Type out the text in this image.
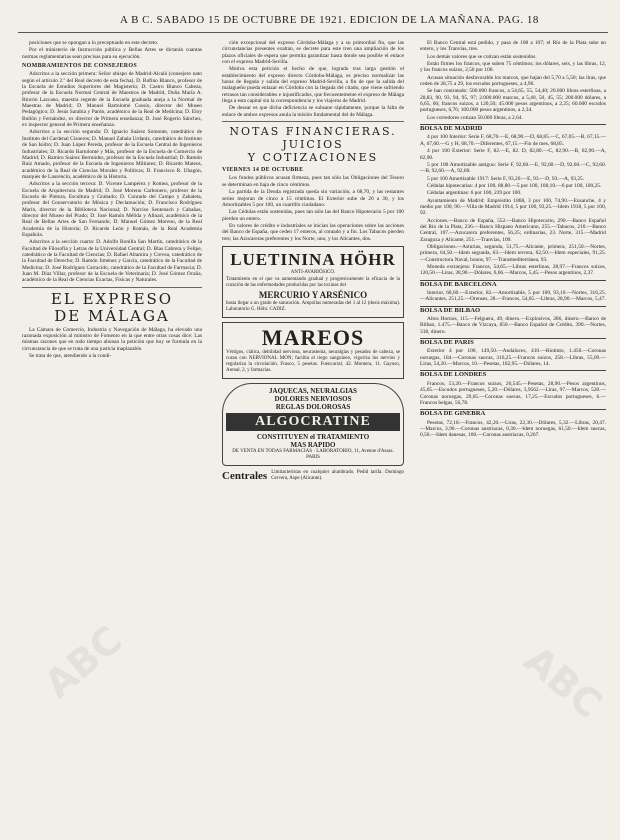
A B C. SABADO 15 DE OCTUBRE DE 1921. EDICION DE LA MAÑANA. PAG. 18

posiciones que se opongan a lo preceptuado en este decreto.

Por el ministerio de Instrucción pública y Bellas Artes se dictarán cuantas normas reglamentarias sean precisas para su ejecución.

NOMBRAMIENTOS DE CONSEJEROS

Adscritos a la sección primera: Señor obispo de Madrid-Alcalá (consejero nato según el artículo 2.º del Real decreto de esta fecha), D. Rufino Blanco, profesor de la Escuela de Estudios Superiores del Magisterio; D. Castro Blanco Cabeza, profesor de la Escuela Normal Central de Maestros de Madrid, Doña María A. Rincón Lazcano, maestra regente de la Escuela graduada aneja a la Normal de Maestras de Madrid; D. Manuel Bartolomé Cossío, director del Museo Pedagógico; D. Jesús Sarabia y Pardo, académico de la Real de Medicina; D. Eloy Bullón y Fernández, ex director de Primera enseñanza; D. José Rogerio Sánchez, ex inspector general de Primera enseñanza.

Adscritos a la sección segunda: D. Ignacio Suárez Somonte, catedrático de Instituto del Cardenal Cisneros; D. Manuel Zabala Urdaniz, catedrático de Instituto de San Isidro; D. Juan López Pereda, profesor de la Escuela Central de Ingenieros Industriales; D. Ricardo Bartolomé y Más, profesor de la Escuela de Comercio de Madrid; D. Ramiro Suárez Bermúdez, profesor de la Escuela Industrial; D. Ramón Ruiz Amado, profesor de la Escuela de Ingenieros Militares; D. Ricardo Mateos, académico de la Real de Ciencias Morales y Políticas; D. Francisco R. Ubagón, marqués de Laurencín, académico de la Historia.

Adscritos a la sección tercera: D. Vicente Lampérez y Romea, profesor de la Escuela de Arquitectura de Madrid; D. José Moreno Carbonero, profesor de la Escuela de Pintura, Escultura y Grabado; D. Conrado del Campo y Zabaleta, profesor del Conservatorio de Música y Declamación; D. Francisco Rodríguez Marín, director de la Biblioteca Nacional; D. Narciso Sentenach y Cabañas, director del Museo del Prado; D. José Ramón Mélida y Alinari, académico de la Real de Bellas Artes de San Fernando; D. Manuel Gómez Moreno, de la Real Academia de la Historia; D. Ricardo León y Román, de la Real Academia Española.

Adscritos a la sección cuarta: D. Adolfo Bonilla San Martín, catedrático de la Facultad de Filosofía y Letras de la Universidad Central; D. Blas Cabrera y Felipe, catedrático de la Facultad de Ciencias; D. Rafael Altamira y Crevea, catedrático de la Facultad de Derecho; D. Ramón Jiménez y García, catedrático de la Facultad de Medicina; D. José Rodríguez Carracido, catedrático de la Facultad de Farmacia; D. Juan M. Díaz Villar, profesor de la Escuela de Veterinaria; D. José Gómez Ocaña, académico de la Real de Ciencias Exactas, Físicas y Naturales.

EL EXPRESO
DE MÁLAGA

La Cámara de Comercio, Industria y Navegación de Málaga, ha elevado una razonada exposición al ministro de Fomento en la que entre otras cosas dice: Las mismas razones que en todo tiempo abonan la petición que hoy se formula en la circunstancia de que se trata de una justicia inaplazable.

Se trata de que, atendiendo a la condi-

ción excepcional del expreso Córdoba-Málaga y a su primordial fin, que las circunstancias presentes exaltan, se decrete para este tren una ampliación de los plazos oficiales de espera que permita garantizar hasta donde sea posible el enlace con el expreso Madrid-Sevilla.

Motiva esta petición el hecho de que, logrado tras larga gestión el establecimiento del expreso directo Córdoba-Málaga, es preciso normalizar las horas de llegada y salida del expreso Madrid-Sevilla, a fin de que la salida del malagueño pueda enlazar en Córdoba con la llegada del citado, que viene sufriendo retrasos tan considerables e injustificados, que frecuentemente el expreso de Málaga llega a esta capital sin la correspondencia y los viajeros de Madrid.

De desear es que dicha deficiencia se subsane rápidamente, porque la falta de enlace de ambos expresos anula la misión fundamental del de Málaga.

NOTAS FINANCIERAS.
JUICIOS
Y COTIZACIONES
VIERNES 14 DE OCTUBRE

Los fondos públicos acusan firmeza, pues tan sólo las Obligaciones del Tesoro se determinan en baja de cinco céntimos.

La partida de la Deuda registrada queda sin variación, a 68,70, y las restantes series mejoran de cinco a 15 céntimos. El Exterior sube de 20 a 30, y los Amortizables 5 por 100, un cuartillo ciudadano.

Las Cédulas están sostenidas, pues tan sólo las del Banco Hipotecario 5 por 100 pierden un entero.

En valores de crédito e industriales se inician las operaciones sobre las acciones del Banco de España, que ceden 17 enteros, al contado y a fin. Los Tabacos pierden tres; las Azucareras preferentes y los Norte, uno, y los Alicantes, dos.

LUETININA HÖHR

ANTI-AVARIÓSICO.

Tratamiento en el que va aumentando gradual y progresivamente la eficacia de la curación de las enfermedades producidas por las toxinas del

MERCURIO Y ARSÉNICO

hasta llegar a un grado de saturación. Ampollas numeradas del 1 al 12 (dosis máxima). Laboratorio G. Höhr. CADIZ.

MAREOS

Vértigos, ciática, debilidad nerviosa, neurastenia, neuralgias y pesadez de cabeza, se curan con NERVIONAL MON; facilita el riego sanguíneo, vigoriza los nervios y regulariza la circulación. Frasco, 5 pesetas. Fuencarral, 42. Montera, 11. Gayoso, Arenal, 2, y farmacias.

JAQUECAS, NEURALGIAS
DOLORES NERVIOSOS
REGLAS DOLOROSAS
ALGOCRATINE
CONSTITUYEN el TRATAMIENTO
MAS RAPIDO

DE VENTA EN TODAS FARMACIAS · LABORATORIO, 11, Avenue d'Assas. PARIS

Centrales Limitacteristas en cualquier alumbrado. Pedid tarifa. Domingo Cervera, Aspe (Alicante).

El Banco Central está pedido, y pasa de 108 a 107; el Río de la Plata sube un entero, y los Tranvías, tres.

Los demás valores que se cotizan están sostenidos.

Están firmes los francos, que suben 75 céntimos; los dólares, seis, y las libras, 12, y los francos suizos, 2,50 por 100.

Acusan situación desfavorable los marcos, que bajan del 5,70 a 5,50; las liras, que ceden de 28,75 a 29, los escudos portugueses, a 4,90.

Se han contratado: 500.000 francos, a 54,65, 55, 54,40; 20.000 libras esterlinas, a 28,83, 90, 93, 94, 95, 97; 2.000.000 marcos, a 5,40, 50, 45, 55; 200.000 dólares, a 6,65, 66; francos suizos, a 120,50; 45.000 pesos argentinos, a 2,25; 60.000 escudos portugueses, 6,76; 100.000 pesos argentinos, a 2,34.

Los corredores cotizan 50.000 libras, a 2,64.

BOLSA DE MADRID

4 por 100 Interior: Serie F, 68,70.—E, 68,90.—D, 68,85.—C, 67,05.—B, 67,15.—A, 67,60.—G y H, 68,70.—Diferentes, 67,15.—Fin de mes, 68,85.

4 por 100 Exterior: Serie F, 82.—E, 82. D, 82,80.—C, 82,90.—B, 82,90.—A, 82,90.

5 por 100 Amortizable antiguo: Serie F, 92,60.—E, 92,60.—D, 92,60.—C, 92,60.—B, 92,60.—A, 92,60.

5 por 100 Amortizable 1917: Serie F, 93,20.—E, 93.—D, 93.—A, 93,25.

Cédulas hipotecarias: 4 por 100, 88,80.—5 por 100, 100,10.—6 por 100, 100,25.

Cédulas argentinas: 6 por 100, 239 por 100.

Ayuntamiento de Madrid: Empréstito 1868, 3 por 100, 74,90.—Ensanche, 4 y medio por 100, 90.—Villa de Madrid 1914, 5 por 100, 93,25.—Idem 1918, 5 por 100, 92.

Acciones.—Banco de España, 552.—Banco Hipotecario, 290.—Banco Español del Río de la Plata, 236.—Banco Hispano Americano, 255.—Tabacos, 210.—Banco Central, 107.—Azucarera preferentes, 56,25; ordinarias, 23. Norte, 315.—Madrid Zaragoza y Alicante, 251.—Tranvías, 109.

Obligaciones.—Asturias, segunda, 51,75.—Alicante, primera, 251,50.—Nortes, primera, 64,50.—Idem segunda, 63.—Idem tercera, 62,50.—Idem especiales, 91,25.—Constructora Naval, bonos, 97.—Transmediterránea, 93.

Moneda extranjera: Francos, 54,65.—Libras esterlinas, 28,97.—Francos suizos, 120,50.—Liras, 28,90.—Dólares, 6,66.—Marcos, 5,45.—Pesos argentinos, 2,37.

BOLSA DE BARCELONA

Interior, 68,60.—Exterior, 82.—Amortizable, 5 por 100, 93,10.—Nortes, 316,25.—Alicantes, 251,25.—Orenses, 28.—Francos, 54,65.—Libras, 28,90.—Marcos, 5,47.

BOLSA DE BILBAO

Altos Hornos, 115.—Felguera, 49, dinero.—Explosivos, 286, dinero.—Banco de Bilbao, 1.475.—Banco de Vizcaya, 850.—Banco Español de Crédito, 390.—Nortes, 318, dinero.

BOLSA DE PARIS

Exterior 4 por 100, 149,50.—Andaluces, 410.—Riotinto, 1.450.—Coronas noruegas, 184.—Coronas suecas, 316,25.—Francos suizos, 258.—Libras, 55,09.—Liras, 54,20.—Marcos, 10.—Pesetas, 182,95.—Dólares, 14.

BOLSA DE LONDRES

Francos, 53,20.—Francos suizos, 20,545.—Pesetas, 28,90.—Pesos argentinos, 45,65.—Escudos portugueses, 5,20.—Dólares, 3,9562.—Liras, 97.—Marcos, 520.—Coronas noruegas, 29,65.—Coronas suecas, 17,25.—Escudos portugueses, 6.—Francos belgas, 56,78.

BOLSA DE GINEBRA

Pesetas, 72,18.—Francos, 42,20.—Liras, 22,30.—Dólares, 5,32.—Libras, 20,47.—Marcos, 3,90.—Coronas austriacas, 0,30.—Idem noruegas, 61,50.—Idem suecas, 0,56.—Idem danesas, 100.—Coronas austriacas, 0,267.

ABC	ABC
